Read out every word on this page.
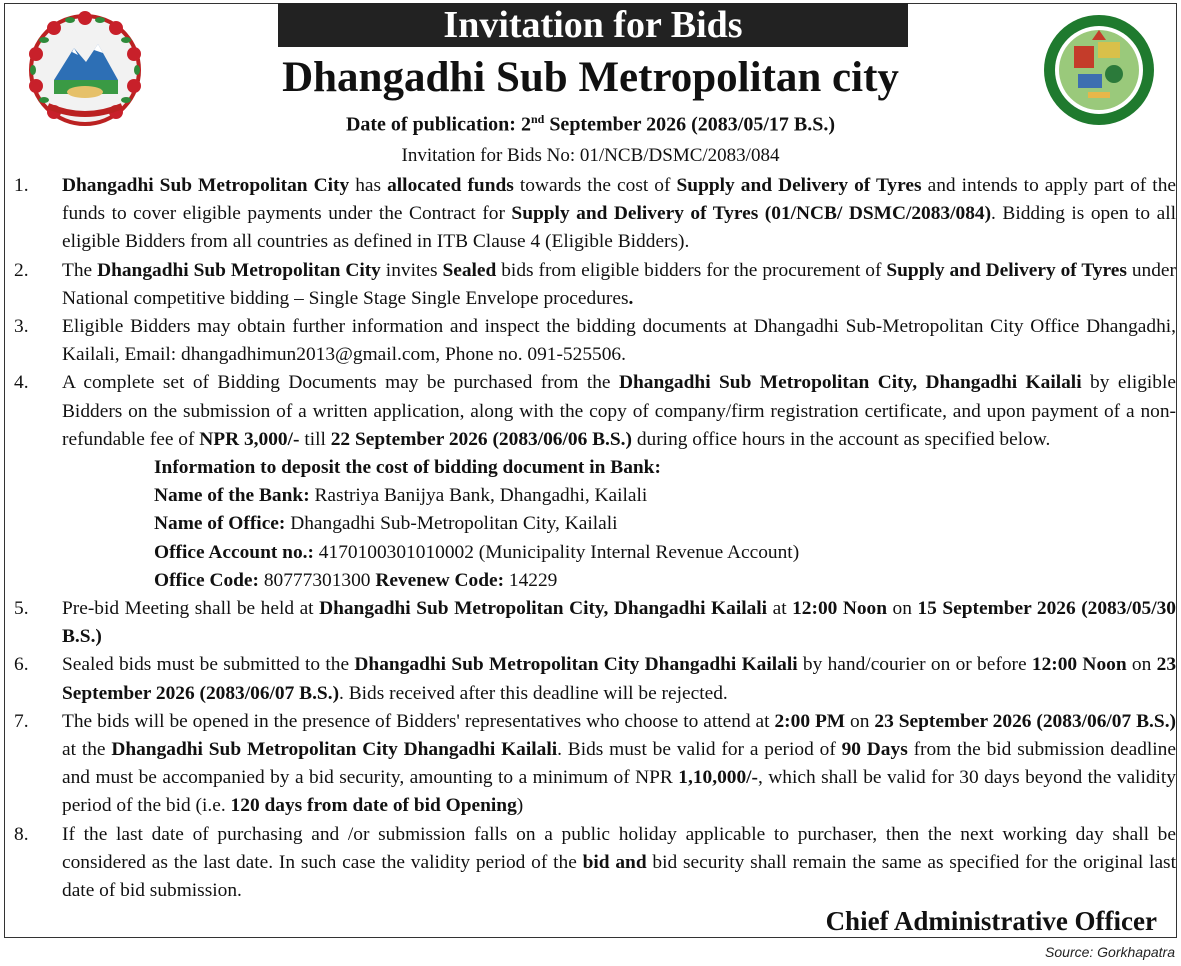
Invitation for Bids
Dhangadhi Sub Metropolitan city
Date of publication: 2nd September 2026 (2083/05/17 B.S.)
Invitation for Bids No: 01/NCB/DSMC/2083/084
1.	Dhangadhi Sub Metropolitan City has allocated funds towards the cost of Supply and Delivery of Tyres and intends to apply part of the funds to cover eligible payments under the Contract for Supply and Delivery of Tyres (01/NCB/ DSMC/2083/084). Bidding is open to all eligible Bidders from all countries as defined in ITB Clause 4 (Eligible Bidders).
2.	The Dhangadhi Sub Metropolitan City invites Sealed bids from eligible bidders for the procurement of Supply and Delivery of Tyres under National competitive bidding – Single Stage Single Envelope procedures.
3.	Eligible Bidders may obtain further information and inspect the bidding documents at Dhangadhi Sub-Metropolitan City Office Dhangadhi, Kailali, Email: dhangadhimun2013@gmail.com, Phone no. 091-525506.
4.	A complete set of Bidding Documents may be purchased from the Dhangadhi Sub Metropolitan City, Dhangadhi Kailali by eligible Bidders on the submission of a written application, along with the copy of company/firm registration certificate, and upon payment of a non-refundable fee of NPR 3,000/- till 22 September 2026 (2083/06/06 B.S.) during office hours in the account as specified below.
Information to deposit the cost of bidding document in Bank:
Name of the Bank: Rastriya Banijya Bank, Dhangadhi, Kailali
Name of Office: Dhangadhi Sub-Metropolitan City, Kailali
Office Account no.: 4170100301010002 (Municipality Internal Revenue Account)
Office Code: 80777301300 Revenew Code: 14229
5.	Pre-bid Meeting shall be held at Dhangadhi Sub Metropolitan City, Dhangadhi Kailali at 12:00 Noon on 15 September 2026 (2083/05/30 B.S.)
6.	Sealed bids must be submitted to the Dhangadhi Sub Metropolitan City Dhangadhi Kailali by hand/courier on or before 12:00 Noon on 23 September 2026 (2083/06/07 B.S.). Bids received after this deadline will be rejected.
7.	The bids will be opened in the presence of Bidders' representatives who choose to attend at 2:00 PM on 23 September 2026 (2083/06/07 B.S.) at the Dhangadhi Sub Metropolitan City Dhangadhi Kailali. Bids must be valid for a period of 90 Days from the bid submission deadline and must be accompanied by a bid security, amounting to a minimum of NPR 1,10,000/-, which shall be valid for 30 days beyond the validity period of the bid (i.e. 120 days from date of bid Opening)
8.	If the last date of purchasing and /or submission falls on a public holiday applicable to purchaser, then the next working day shall be considered as the last date. In such case the validity period of the bid and bid security shall remain the same as specified for the original last date of bid submission.
Chief Administrative Officer
Source: Gorkhapatra
